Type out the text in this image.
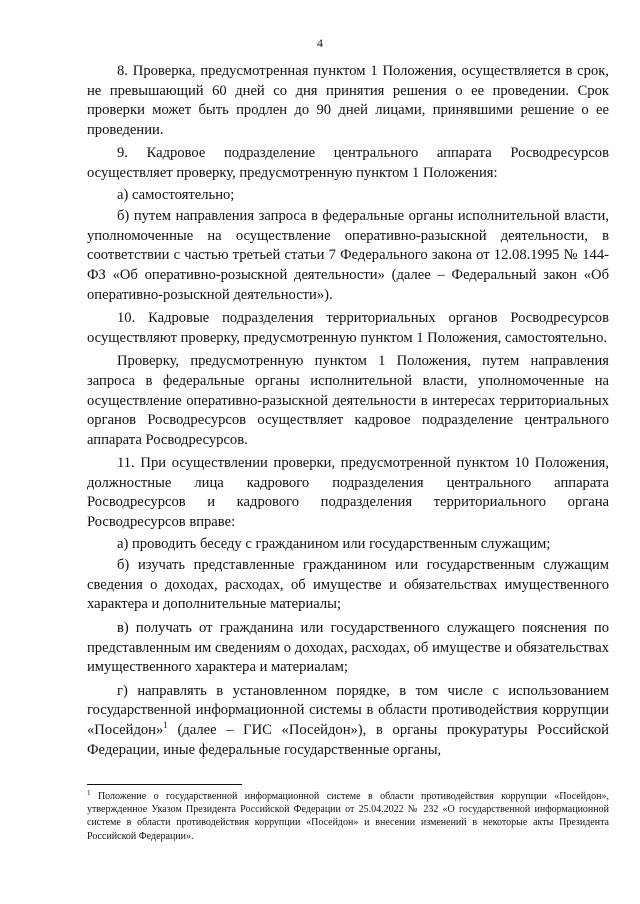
4

8. Проверка, предусмотренная пунктом 1 Положения, осуществляется в срок, не превышающий 60 дней со дня принятия решения о ее проведении. Срок проверки может быть продлен до 90 дней лицами, принявшими решение о ее проведении.

9. Кадровое подразделение центрального аппарата Росводресурсов осуществляет проверку, предусмотренную пунктом 1 Положения:

а) самостоятельно;

б) путем направления запроса в федеральные органы исполнительной власти, уполномоченные на осуществление оперативно-разыскной деятельности, в соответствии с частью третьей статьи 7 Федерального закона от 12.08.1995 № 144-ФЗ «Об оперативно-розыскной деятельности» (далее – Федеральный закон «Об оперативно-розыскной деятельности»).

10. Кадровые подразделения территориальных органов Росводресурсов осуществляют проверку, предусмотренную пунктом 1 Положения, самостоятельно.

Проверку, предусмотренную пунктом 1 Положения, путем направления запроса в федеральные органы исполнительной власти, уполномоченные на осуществление оперативно-разыскной деятельности в интересах территориальных органов Росводресурсов осуществляет кадровое подразделение центрального аппарата Росводресурсов.

11. При осуществлении проверки, предусмотренной пунктом 10 Положения, должностные лица кадрового подразделения центрального аппарата Росводресурсов и кадрового подразделения территориального органа Росводресурсов вправе:

а) проводить беседу с гражданином или государственным служащим;

б) изучать представленные гражданином или государственным служащим сведения о доходах, расходах, об имуществе и обязательствах имущественного характера и дополнительные материалы;

в) получать от гражданина или государственного служащего пояснения по представленным им сведениям о доходах, расходах, об имуществе и обязательствах имущественного характера и материалам;

г) направлять в установленном порядке, в том числе с использованием государственной информационной системы в области противодействия коррупции «Посейдон»$^1$ (далее – ГИС «Посейдон»), в органы прокуратуры Российской Федерации, иные федеральные государственные органы,

$^1$ Положение о государственной информационной системе в области противодействия коррупции «Посейдон», утвержденное Указом Президента Российской Федерации от 25.04.2022 № 232 «О государственной информационной системе в области противодействия коррупции «Посейдон» и внесении изменений в некоторые акты Президента Российской Федерации».
